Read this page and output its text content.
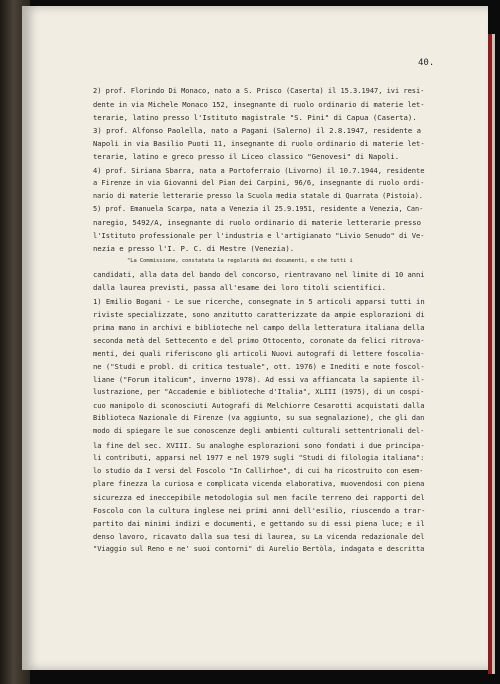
40.
2) prof. Florindo Di Monaco, nato a S. Prisco (Caserta) il 15.3.1947, ivi resi-
dente in via Michele Monaco 152, insegnante di ruolo ordinario di materie let-
terarie, latino presso l'Istituto magistrale "S. Pini" di Capua (Caserta).
3) prof. Alfonso Paolella, nato a Pagani (Salerno) il 2.8.1947, residente a
Napoli in via Basilio Puoti 11, insegnante di ruolo ordinario di materie let-
terarie, latino e greco presso il Liceo classico "Genovesi" di Napoli.
4) prof. Siriana Sbarra, nata a Portoferraio (Livorno) il 10.7.1944, residente
a Firenze in via Giovanni del Pian dei Carpini, 96/6, insegnante di ruolo ordi-
nario di materie letterarie presso la Scuola media statale di Quarrata (Pistoia).
5) prof. Emanuela Scarpa, nata a Venezia il 25.9.1951, residente a Venezia, Can-
naregio, 5492/A, insegnante di ruolo ordinario di materie letterarie presso
l'Istituto professionale per l'industria e l'artigianato "Livio Senudo" di Ve-
nezia e presso l'I. P. C. di Mestre (Venezia).
"La Commissione, constatata la regolarità dei documenti, e che tutti i
candidati, alla data del bando del concorso, rientravano nel limite di 10 anni
dalla laurea previsti, passa all'esame dei loro titoli scientifici.
1) Emilio Bogani - Le sue ricerche, consegnate in 5 articoli apparsi tutti in
riviste specializzate, sono anzitutto caratterizzate da ampie esplorazioni di
prima mano in archivi e biblioteche nel campo della letteratura italiana della
seconda metà del Settecento e del primo Ottocento, coronate da felici ritrova-
menti, dei quali riferiscono gli articoli Nuovi autografi di lettere foscolia-
ne ("Studi e probl. di critica testuale", ott. 1976) e Inediti e note foscol-
liane ("Forum italicum", inverno 1978). Ad essi va affiancata la sapiente il-
lustrazione, per "Accademie e biblioteche d'Italia", XLIII (1975), di un cospi-
cuo manipolo di sconosciuti Autografi di Melchiorre Cesarotti acquistati dalla
Biblioteca Nazionale di Firenze (va aggiunto, su sua segnalazione), che gli dan
modo di spiegare le sue conoscenze degli ambienti culturali settentrionali del-
la fine del sec. XVIII. Su analoghe esplorazioni sono fondati i due principa-
li contributi, apparsi nel 1977 e nel 1979 sugli "Studi di filologia italiana":
lo studio da I versi del Foscolo "In Callirhoe", di cui ha ricostruito con esem-
plare finezza la curiosa e complicata vicenda elaborativa, muovendosi con piena
sicurezza ed ineccepibile metodologia sul men facile terreno dei rapporti del
Foscolo con la cultura inglese nei primi anni dell'esilio, riuscendo a trar-
partito dai minimi indizi e documenti, e gettando su di essi piena luce; e il
denso lavoro, ricavato dalla sua tesi di laurea, su La vicenda redazionale del
"Viaggio sul Reno e ne' suoi contorni" di Aurelio Bertòla, indagata e descritta
